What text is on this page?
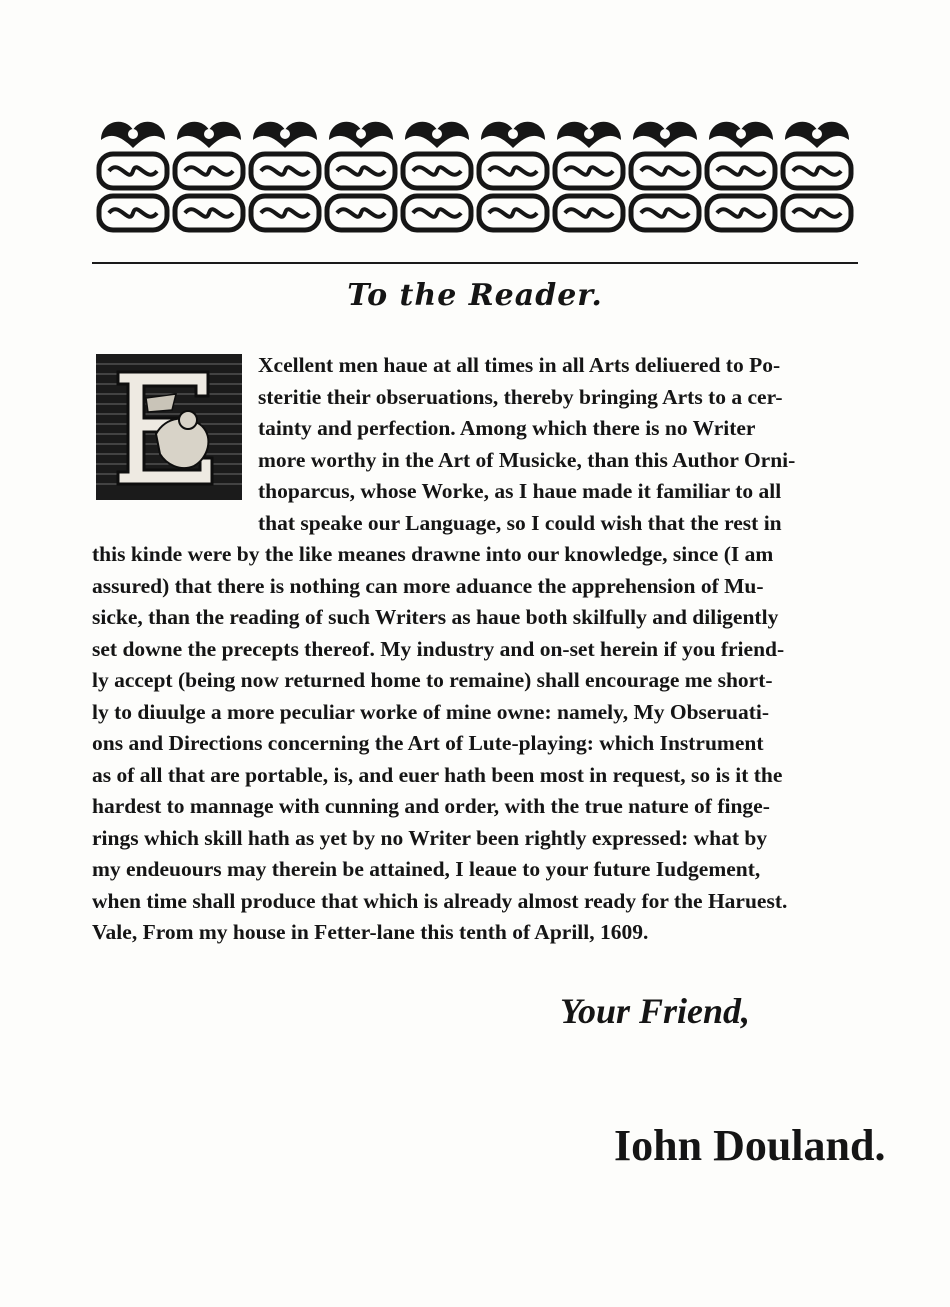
To the Reader.
Xcellent men haue at all times in all Arts deliuered to Po-
steritie their obseruations, thereby bringing Arts to a cer-
tainty and perfection. Among which there is no Writer
more worthy in the Art of Musicke, than this Author Orni-
thoparcus, whose Worke, as I haue made it familiar to all
that speake our Language, so I could wish that the rest in
this kinde were by the like meanes drawne into our knowledge, since (I am
assured) that there is nothing can more aduance the apprehension of Mu-
sicke, than the reading of such Writers as haue both skilfully and diligently
set downe the precepts thereof. My industry and on-set herein if you friend-
ly accept (being now returned home to remaine) shall encourage me short-
ly to diuulge a more peculiar worke of mine owne: namely, My Obseruati-
ons and Directions concerning the Art of Lute-playing: which Instrument
as of all that are portable, is, and euer hath been most in request, so is it the
hardest to mannage with cunning and order, with the true nature of finge-
rings which skill hath as yet by no Writer been rightly expressed: what by
my endeuours may therein be attained, I leaue to your future Iudgement,
when time shall produce that which is already almost ready for the Haruest.
Vale, From my house in Fetter-lane this tenth of Aprill, 1609.
Your Friend,
Iohn Douland.
